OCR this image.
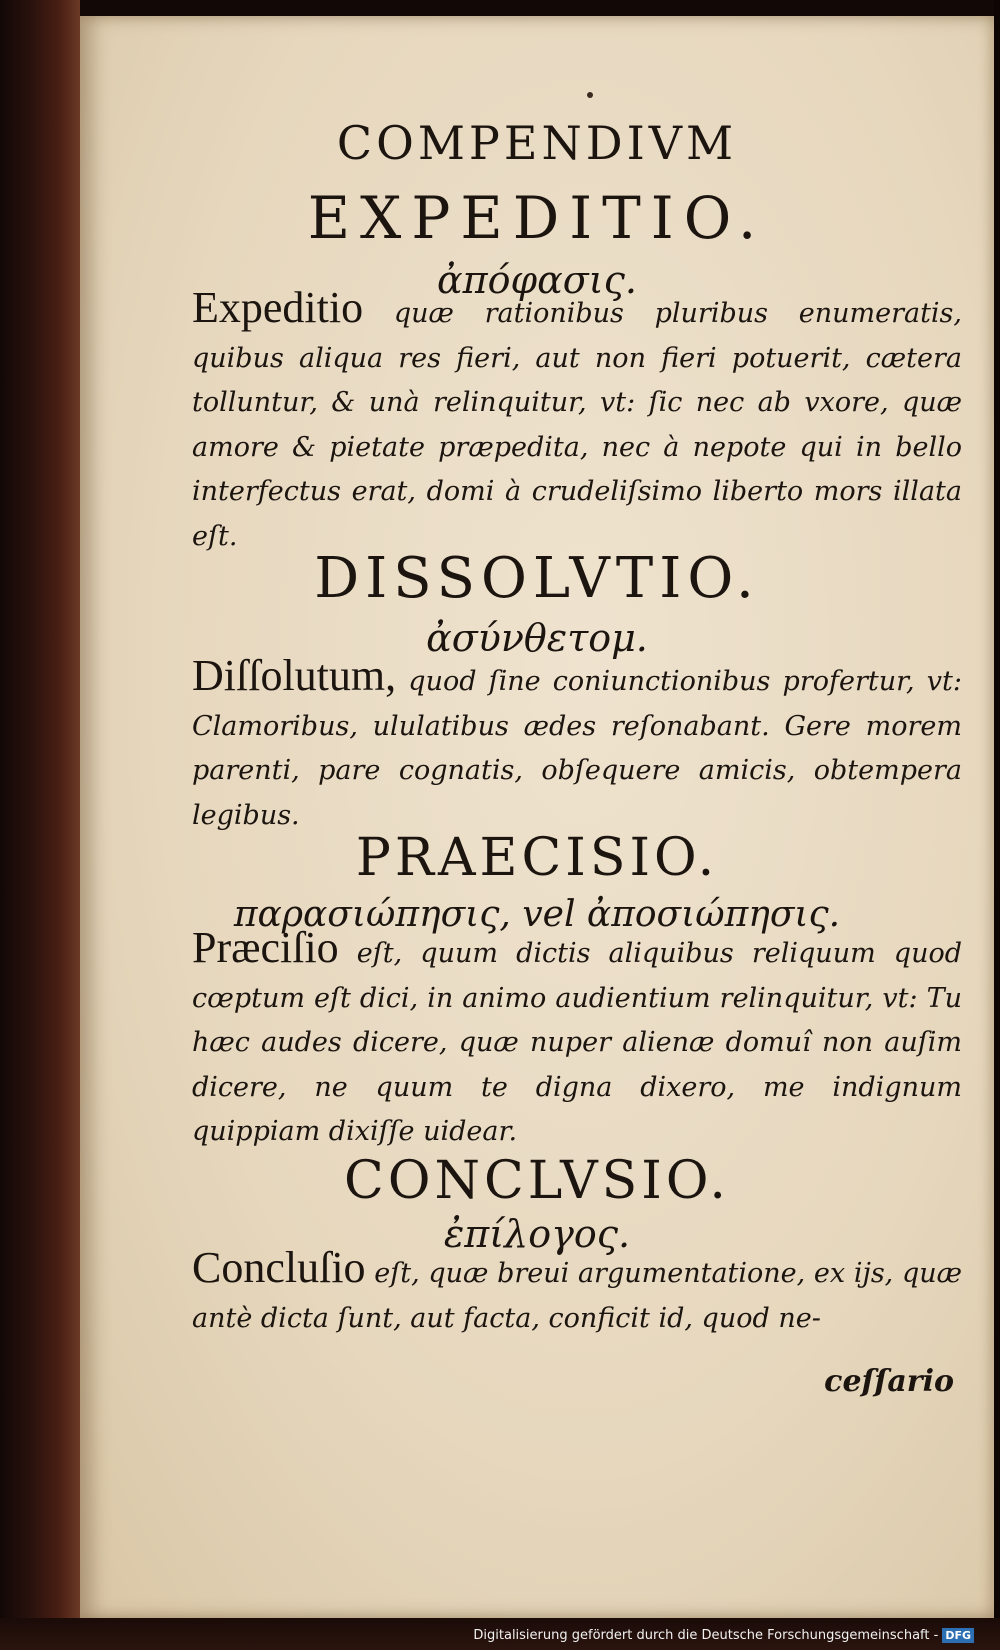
COMPENDIVM
EXPEDITIO.
ἀπόφασις.
Expeditio quæ rationibus pluribus enumeratis, quibus aliqua res fieri, aut non fieri potuerit, cætera tolluntur, & unà relinquitur, vt: ſic nec ab vxore, quæ amore & pietate præpedita, nec à nepote qui in bello interfectus erat, domi à crudeliſsimo liberto mors illata eſt.
DISSOLVTIO.
ἀσύνθετομ.
Diſſolutum, quod ſine coniunctionibus profertur, vt: Clamoribus, ululatibus ædes reſonabant. Gere morem parenti, pare cognatis, obſequere amicis, obtempera legibus.
PRAECISIO.
παρασιώπησις, vel ἀποσιώπησις.
Præciſio eſt, quum dictis aliquibus reliquum quod cœptum eſt dici, in animo audientium relinquitur, vt: Tu hæc audes dicere, quæ nuper alienæ domuî non auſim dicere, ne quum te digna dixero, me indignum quippiam dixiſſe uidear.
CONCLVSIO.
ἐπίλογος.
Concluſio eſt, quæ breui argumentatione, ex ijs, quæ antè dicta ſunt, aut facta, conficit id, quod ne-
ceſſario
Digitalisierung gefördert durch die Deutsche Forschungsgemeinschaft - DFG
